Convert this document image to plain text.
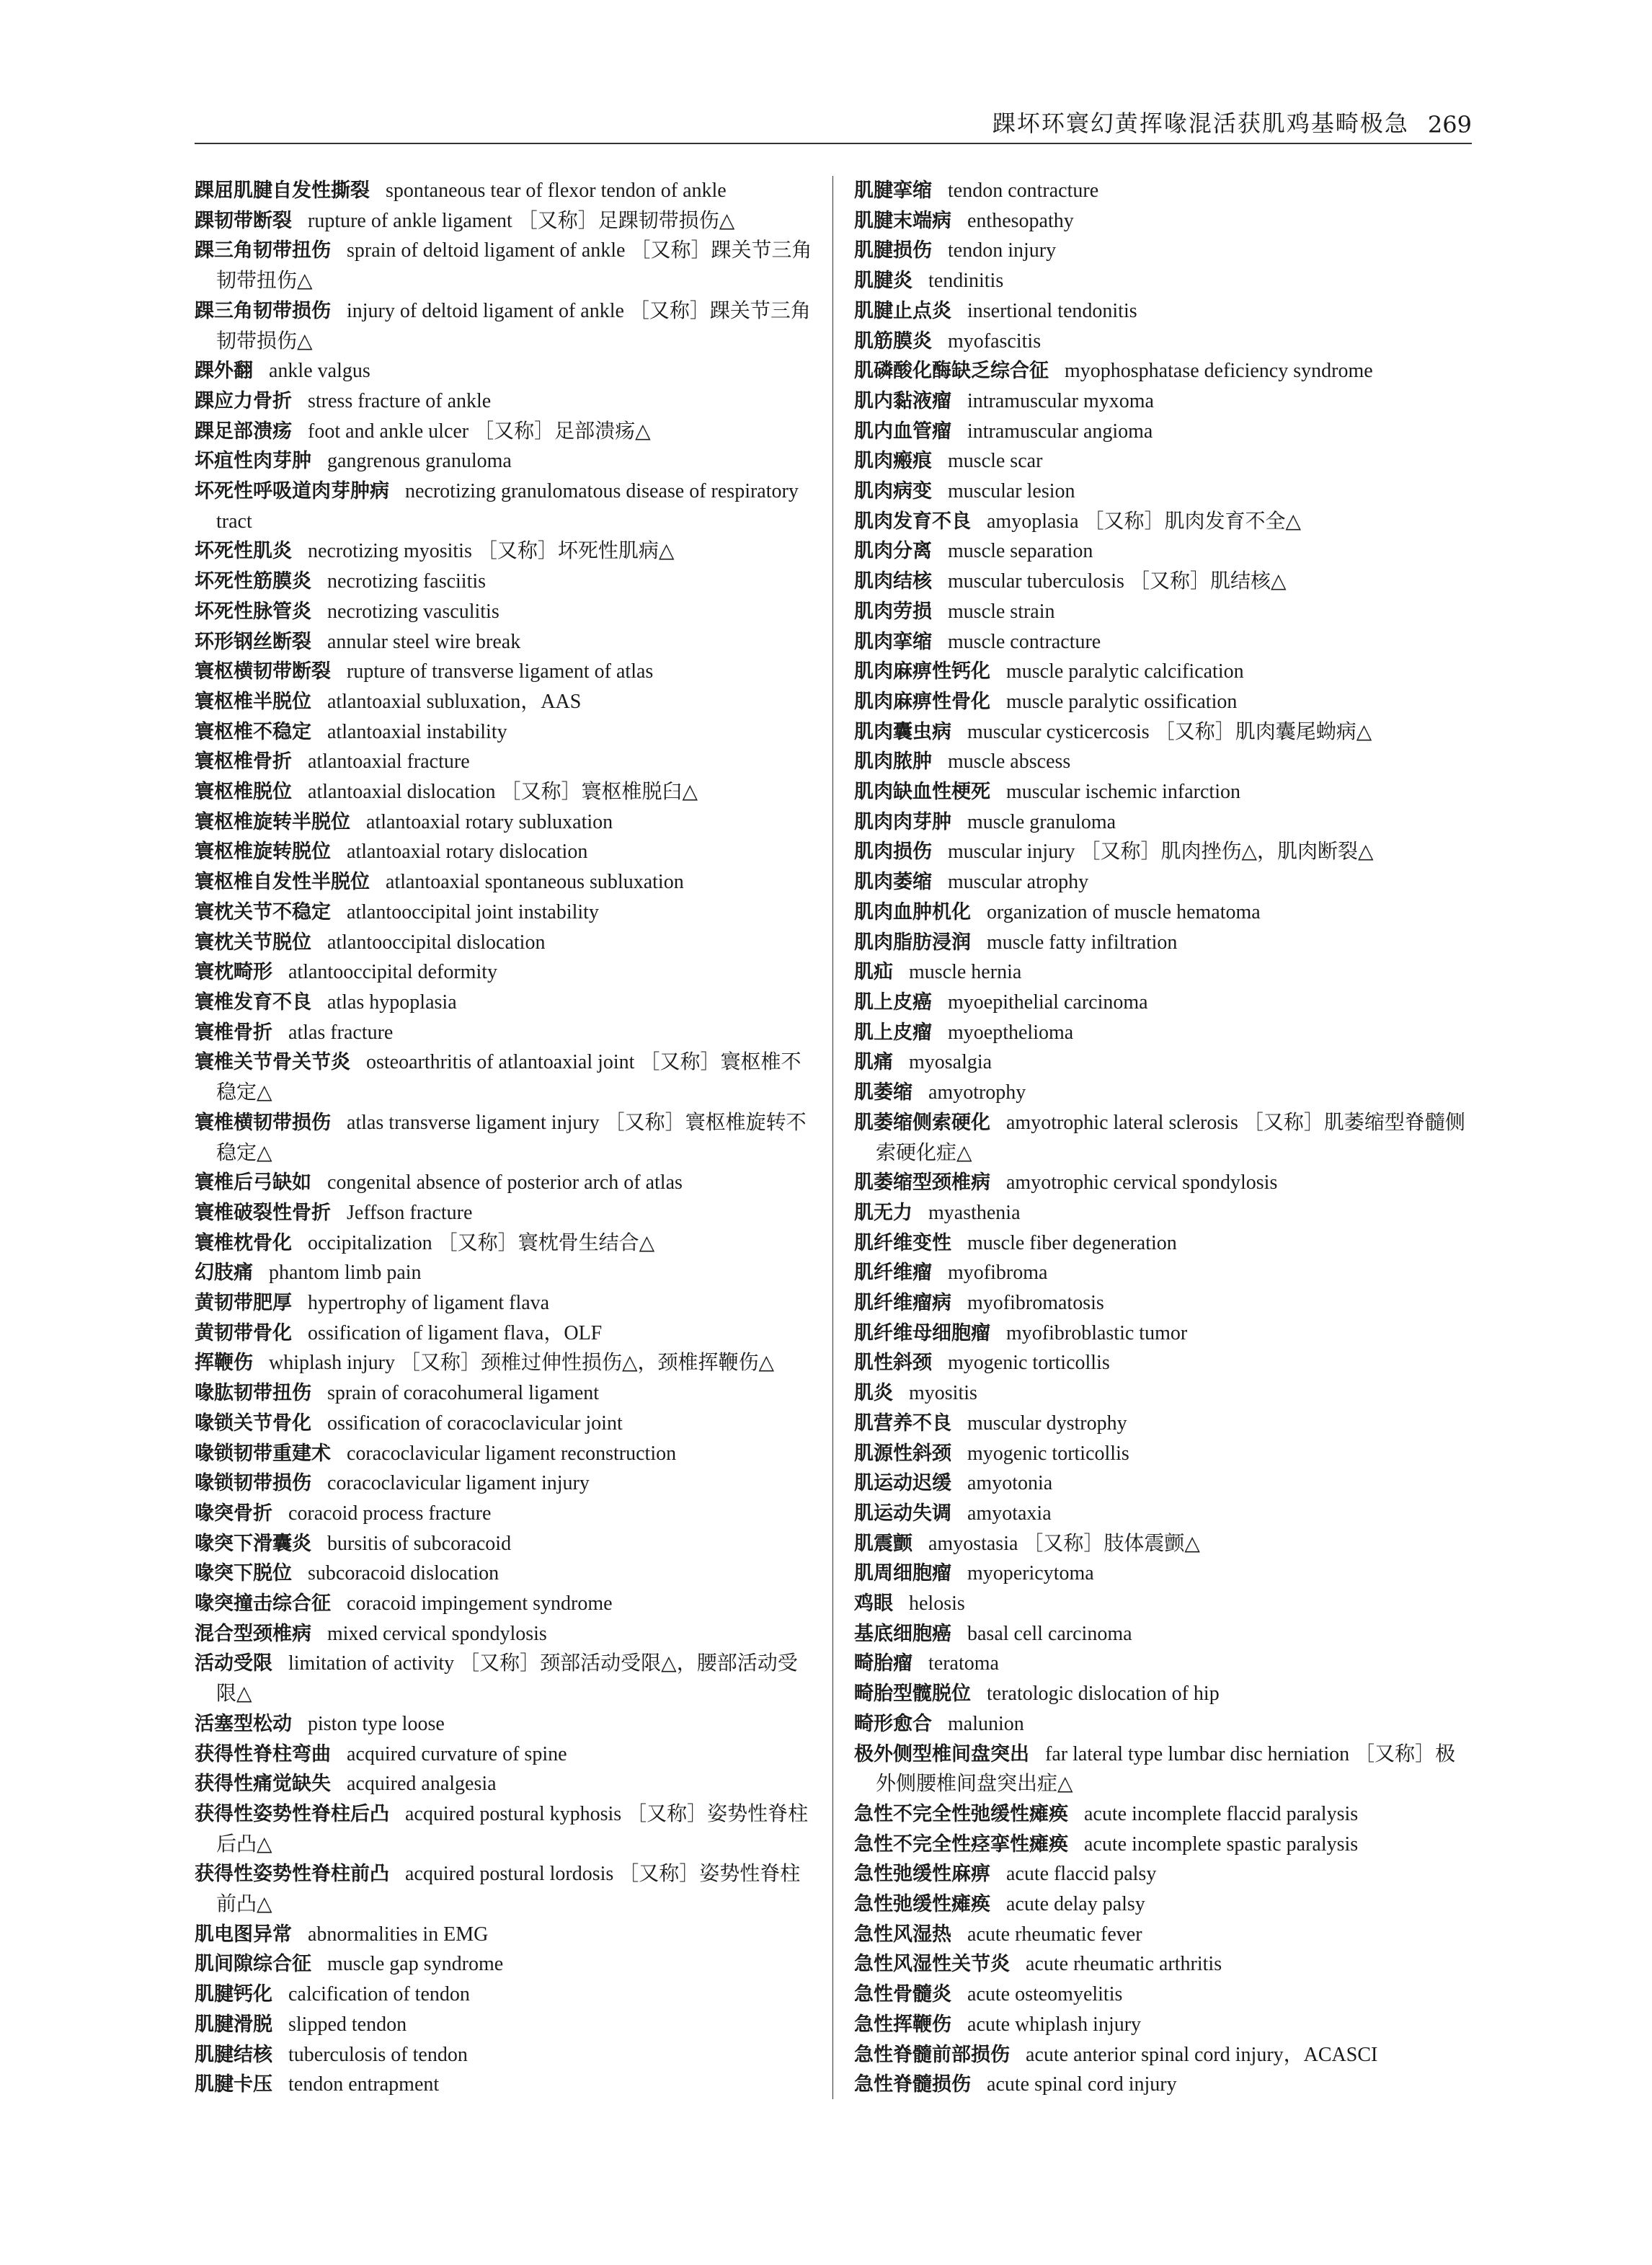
踝坏环寰幻黄挥喙混活获肌鸡基畸极急 269
踝屈肌腱自发性撕裂 spontaneous tear of flexor tendon of ankle
踝韧带断裂 rupture of ankle ligament ［又称］足踝韧带损伤△
踝三角韧带扭伤 sprain of deltoid ligament of ankle ［又称］踝关节三角韧带扭伤△
踝三角韧带损伤 injury of deltoid ligament of ankle ［又称］踝关节三角韧带损伤△
踝外翻 ankle valgus
踝应力骨折 stress fracture of ankle
踝足部溃疡 foot and ankle ulcer ［又称］足部溃疡△
坏疽性肉芽肿 gangrenous granuloma
坏死性呼吸道肉芽肿病 necrotizing granulomatous disease of respiratory tract
坏死性肌炎 necrotizing myositis ［又称］坏死性肌病△
坏死性筋膜炎 necrotizing fasciitis
坏死性脉管炎 necrotizing vasculitis
环形钢丝断裂 annular steel wire break
寰枢横韧带断裂 rupture of transverse ligament of atlas
寰枢椎半脱位 atlantoaxial subluxation，AAS
寰枢椎不稳定 atlantoaxial instability
寰枢椎骨折 atlantoaxial fracture
寰枢椎脱位 atlantoaxial dislocation ［又称］寰枢椎脱臼△
寰枢椎旋转半脱位 atlantoaxial rotary subluxation
寰枢椎旋转脱位 atlantoaxial rotary dislocation
寰枢椎自发性半脱位 atlantoaxial spontaneous subluxation
寰枕关节不稳定 atlantooccipital joint instability
寰枕关节脱位 atlantooccipital dislocation
寰枕畸形 atlantooccipital deformity
寰椎发育不良 atlas hypoplasia
寰椎骨折 atlas fracture
寰椎关节骨关节炎 osteoarthritis of atlantoaxial joint ［又称］寰枢椎不稳定△
寰椎横韧带损伤 atlas transverse ligament injury ［又称］寰枢椎旋转不稳定△
寰椎后弓缺如 congenital absence of posterior arch of atlas
寰椎破裂性骨折 Jeffson fracture
寰椎枕骨化 occipitalization ［又称］寰枕骨生结合△
幻肢痛 phantom limb pain
黄韧带肥厚 hypertrophy of ligament flava
黄韧带骨化 ossification of ligament flava，OLF
挥鞭伤 whiplash injury ［又称］颈椎过伸性损伤△，颈椎挥鞭伤△
喙肱韧带扭伤 sprain of coracohumeral ligament
喙锁关节骨化 ossification of coracoclavicular joint
喙锁韧带重建术 coracoclavicular ligament reconstruction
喙锁韧带损伤 coracoclavicular ligament injury
喙突骨折 coracoid process fracture
喙突下滑囊炎 bursitis of subcoracoid
喙突下脱位 subcoracoid dislocation
喙突撞击综合征 coracoid impingement syndrome
混合型颈椎病 mixed cervical spondylosis
活动受限 limitation of activity ［又称］颈部活动受限△，腰部活动受限△
活塞型松动 piston type loose
获得性脊柱弯曲 acquired curvature of spine
获得性痛觉缺失 acquired analgesia
获得性姿势性脊柱后凸 acquired postural kyphosis ［又称］姿势性脊柱后凸△
获得性姿势性脊柱前凸 acquired postural lordosis ［又称］姿势性脊柱前凸△
肌电图异常 abnormalities in EMG
肌间隙综合征 muscle gap syndrome
肌腱钙化 calcification of tendon
肌腱滑脱 slipped tendon
肌腱结核 tuberculosis of tendon
肌腱卡压 tendon entrapment
肌腱挛缩 tendon contracture
肌腱末端病 enthesopathy
肌腱损伤 tendon injury
肌腱炎 tendinitis
肌腱止点炎 insertional tendonitis
肌筋膜炎 myofascitis
肌磷酸化酶缺乏综合征 myophosphatase deficiency syndrome
肌内黏液瘤 intramuscular myxoma
肌内血管瘤 intramuscular angioma
肌肉瘢痕 muscle scar
肌肉病变 muscular lesion
肌肉发育不良 amyoplasia ［又称］肌肉发育不全△
肌肉分离 muscle separation
肌肉结核 muscular tuberculosis ［又称］肌结核△
肌肉劳损 muscle strain
肌肉挛缩 muscle contracture
肌肉麻痹性钙化 muscle paralytic calcification
肌肉麻痹性骨化 muscle paralytic ossification
肌肉囊虫病 muscular cysticercosis ［又称］肌肉囊尾蚴病△
肌肉脓肿 muscle abscess
肌肉缺血性梗死 muscular ischemic infarction
肌肉肉芽肿 muscle granuloma
肌肉损伤 muscular injury ［又称］肌肉挫伤△，肌肉断裂△
肌肉萎缩 muscular atrophy
肌肉血肿机化 organization of muscle hematoma
肌肉脂肪浸润 muscle fatty infiltration
肌疝 muscle hernia
肌上皮癌 myoepithelial carcinoma
肌上皮瘤 myoepthelioma
肌痛 myosalgia
肌萎缩 amyotrophy
肌萎缩侧索硬化 amyotrophic lateral sclerosis ［又称］肌萎缩型脊髓侧索硬化症△
肌萎缩型颈椎病 amyotrophic cervical spondylosis
肌无力 myasthenia
肌纤维变性 muscle fiber degeneration
肌纤维瘤 myofibroma
肌纤维瘤病 myofibromatosis
肌纤维母细胞瘤 myofibroblastic tumor
肌性斜颈 myogenic torticollis
肌炎 myositis
肌营养不良 muscular dystrophy
肌源性斜颈 myogenic torticollis
肌运动迟缓 amyotonia
肌运动失调 amyotaxia
肌震颤 amyostasia ［又称］肢体震颤△
肌周细胞瘤 myopericytoma
鸡眼 helosis
基底细胞癌 basal cell carcinoma
畸胎瘤 teratoma
畸胎型髋脱位 teratologic dislocation of hip
畸形愈合 malunion
极外侧型椎间盘突出 far lateral type lumbar disc herniation ［又称］极外侧腰椎间盘突出症△
急性不完全性弛缓性瘫痪 acute incomplete flaccid paralysis
急性不完全性痉挛性瘫痪 acute incomplete spastic paralysis
急性弛缓性麻痹 acute flaccid palsy
急性弛缓性瘫痪 acute delay palsy
急性风湿热 acute rheumatic fever
急性风湿性关节炎 acute rheumatic arthritis
急性骨髓炎 acute osteomyelitis
急性挥鞭伤 acute whiplash injury
急性脊髓前部损伤 acute anterior spinal cord injury，ACASCI
急性脊髓损伤 acute spinal cord injury
